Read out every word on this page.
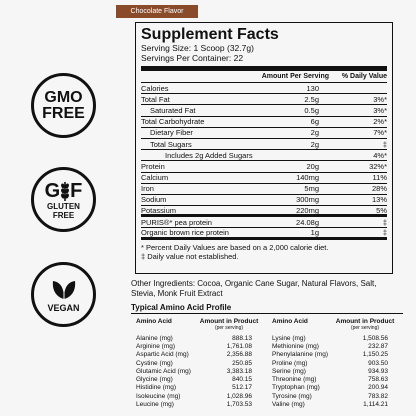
Chocolate Flavor
GMO
FREE
G F
GLUTEN
FREE
VEGAN
Supplement Facts
Serving Size: 1 Scoop (32.7g)
Servings Per Container: 22
Amount Per Serving	% Daily Value
Calories	130
Total Fat	2.5g	3%*
Saturated Fat	0.5g	3%*
Total Carbohydrate	6g	2%*
Dietary Fiber	2g	7%*
Total Sugars	2g	‡
Includes 2g Added Sugars	4%*
Protein	20g	32%*
Calcium	140mg	11%
Iron	5mg	28%
Sodium	300mg	13%
Potassium	220mg	5%
PURIS®* pea protein	24.08g	‡
Organic brown rice protein	1g	‡
* Percent Daily Values are based on a 2,000 calorie diet.
‡ Daily value not established.
Other Ingredients: Cocoa, Organic Cane Sugar, Natural Flavors, Salt, Stevia, Monk Fruit Extract
Typical Amino Acid Profile
Amino Acid	Amount in Product
(per serving)
Alanine (mg)	888.13
Arginine (mg)	1,761.08
Aspartic Acid (mg)	2,356.88
Cystine (mg)	250.85
Glutamic Acid (mg)	3,383.18
Glycine (mg)	840.15
Histidine (mg)	512.17
Isoleucine (mg)	1,028.96
Leucine (mg)	1,703.53
Amino Acid	Amount in Product
(per serving)
Lysine (mg)	1,508.56
Methionine (mg)	232.87
Phenylalanine (mg)	1,150.25
Proline (mg)	903.50
Serine (mg)	934.93
Threonine (mg)	758.63
Tryptophan (mg)	200.94
Tyrosine (mg)	783.82
Valine (mg)	1,114.21
